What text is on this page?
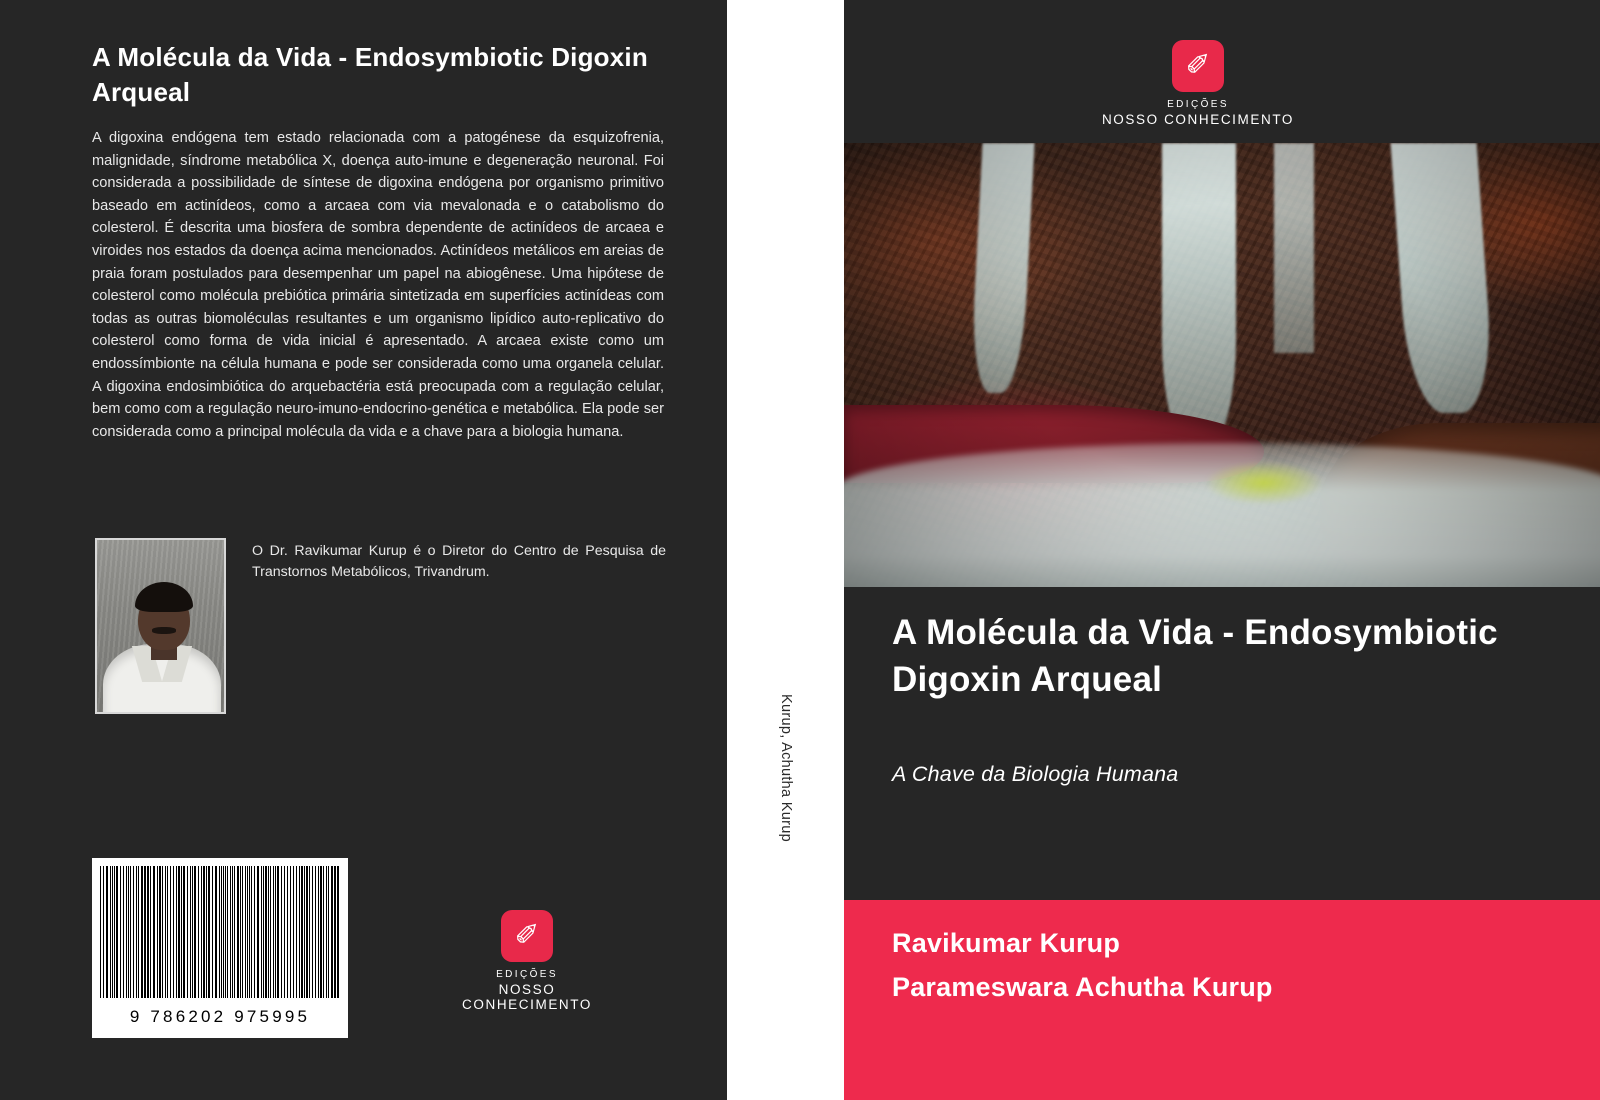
A Molécula da Vida - Endosymbiotic Digoxin Arqueal
A digoxina endógena tem estado relacionada com a patogénese da esquizofrenia, malignidade, síndrome metabólica X, doença auto-imune e degeneração neuronal. Foi considerada a possibilidade de síntese de digoxina endógena por organismo primitivo baseado em actinídeos, como a arcaea com via mevalonada e o catabolismo do colesterol. É descrita uma biosfera de sombra dependente de actinídeos de arcaea e viroides nos estados da doença acima mencionados. Actinídeos metálicos em areias de praia foram postulados para desempenhar um papel na abiogênese. Uma hipótese de colesterol como molécula prebiótica primária sintetizada em superfícies actinídeas com todas as outras biomoléculas resultantes e um organismo lipídico auto-replicativo do colesterol como forma de vida inicial é apresentado. A arcaea existe como um endossímbionte na célula humana e pode ser considerada como uma organela celular. A digoxina endosimbiótica do arquebactéria está preocupada com a regulação celular, bem como com a regulação neuro-imuno-endocrino-genética e metabólica. Ela pode ser considerada como a principal molécula da vida e a chave para a biologia humana.
O Dr. Ravikumar Kurup é o Diretor do Centro de Pesquisa de Transtornos Metabólicos, Trivandrum.
9 786202 975995
✐
EDIÇÕES
NOSSO CONHECIMENTO
Kurup, Achutha Kurup
✐
EDIÇÕES
NOSSO CONHECIMENTO
A Molécula da Vida - Endosymbiotic Digoxin Arqueal
A Chave da Biologia Humana
Ravikumar Kurup
Parameswara Achutha Kurup
